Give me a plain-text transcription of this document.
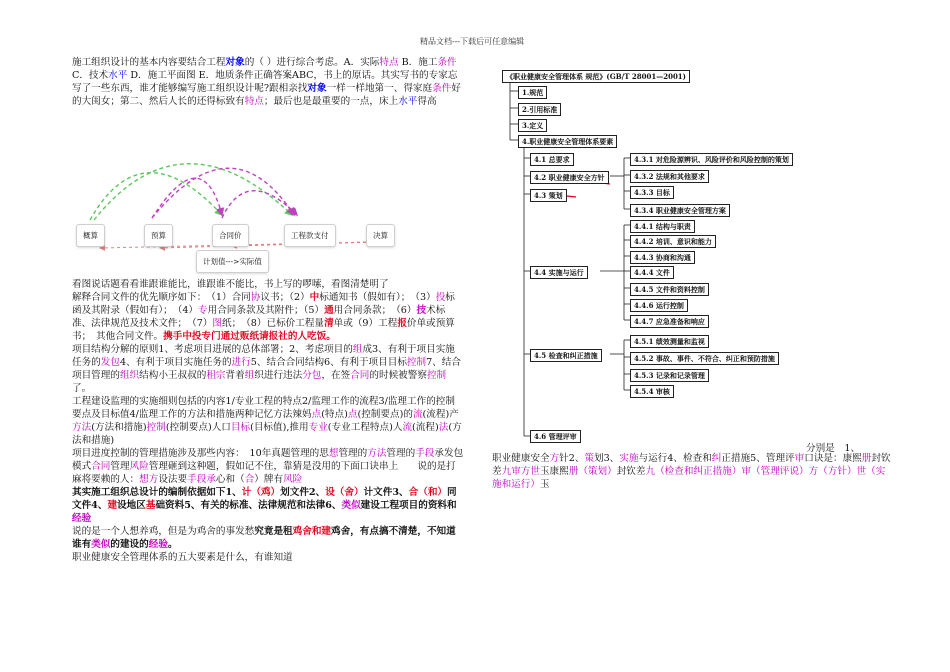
精品文档---下载后可任意编辑

施工组织设计的基本内容要结合工程对象的（ ）进行综合考虑。A．实际特点 B．施工条件 C．技术水平 D．施工平面图 E．地质条件正确答案ABC，书上的原话。其实写书的专家忘写了一些东西，谁才能够编写施工组织设计呢?跟相亲找对象一样一样地第一、得家庭条件好的大闺女；第二、然后人长的还得标致有特点；最后也是最重要的一点，床上水平得高

概算	预算	合同价	工程款支付	决算
计划值--->实际值

看图说话题看看谁跟谁能比，谁跟谁不能比，书上写的啰嗦，看图清楚明了

解释合同文件的优先顺序如下：　（1）合同协议书；（2）中标通知书（假如有）；　（3）投标函及其附录（假如有）；　（4）专用合同条款及其附件；（5）通用合同条款；　（6）技术标准、法律规范及技术文件；　（7）图纸；　（8）已标价工程量清单或（9）工程报价单或预算书；　其他合同文件。携手中投专门通过贩纸请报社的人吃饭。

项目结构分解的原则1、考虑项目进展的总体部署；2、考虑项目的组成3、有利于项目实施任务的发包4、有利于项目实施任务的进行5、结合合同结构6、有利于项目目标控制7、结合项目管理的组织结构小王叔叔的租宗背着组织进行违法分包，在签合同的时候被警察控制了。

工程建设监理的实施细则包括的内容1/专业工程的特点2/监理工作的流程3/监理工作的控制要点及目标值4/监理工作的方法和措施两种记忆方法辣妈点(特点)点(控制要点)的流(流程)产方法(方法和措施)控制(控制要点)人口目标(目标值),推用专业(专业工程特点)人流(流程)法(方法和措施)

项目进度控制的管理措施涉及那些内容：　10年真题管理的思想管理的方法管理的手段承发包模式合同管理风险管理砸到这种题，假如记不住，靠猜是没用的下面口诀串上　　说的是打麻将要赖的人：想方设法要手段承心和（合）牌有风险

其实施工组织总设计的编制依据如下1、计（鸡）划文件2、设（舍）计文件3、合（和）同文件4、建设地区基础资料5、有关的标准、法律规范和法律6、类似建设工程项目的资料和经验

说的是一个人想养鸡，但是为鸡舍的事发愁究竟是租鸡舍和建鸡舍，有点搞不清楚，不知道谁有类似的建设的经验。

职业健康安全管理体系的五大要素是什么，有谁知道

《职业健康安全管理体系 规范》(GB/T 28001—2001)
1.规范
2.引用标准
3.定义
4.职业健康安全管理体系要素
4.1 总要求
4.2 职业健康安全方针
4.3 策划
4.4 实施与运行
4.5 检查和纠正措施
4.6 管理评审
4.3.1 对危险源辨识、风险评价和风险控制的策划
4.3.2 法规和其他要求
4.3.3 目标
4.3.4 职业健康安全管理方案
4.4.1 结构与职责
4.4.2 培训、意识和能力
4.4.3 协商和沟通
4.4.4 文件
4.4.5 文件和资料控制
4.4.6 运行控制
4.4.7 应急准备和响应
4.5.1 绩效测量和监视
4.5.2 事故、事件、不符合、纠正和预防措施
4.5.3 记录和记录管理
4.5.4 审核
分别是　1、
职业健康安全方针2、策划3、实施与运行4、检查和纠正措施5、管理评审口诀是：康熙册封钦差九审方世玉康熙册（策划）封钦差九（检查和纠正措施）审（管理评说）方（方针）世（实施和运行）玉
